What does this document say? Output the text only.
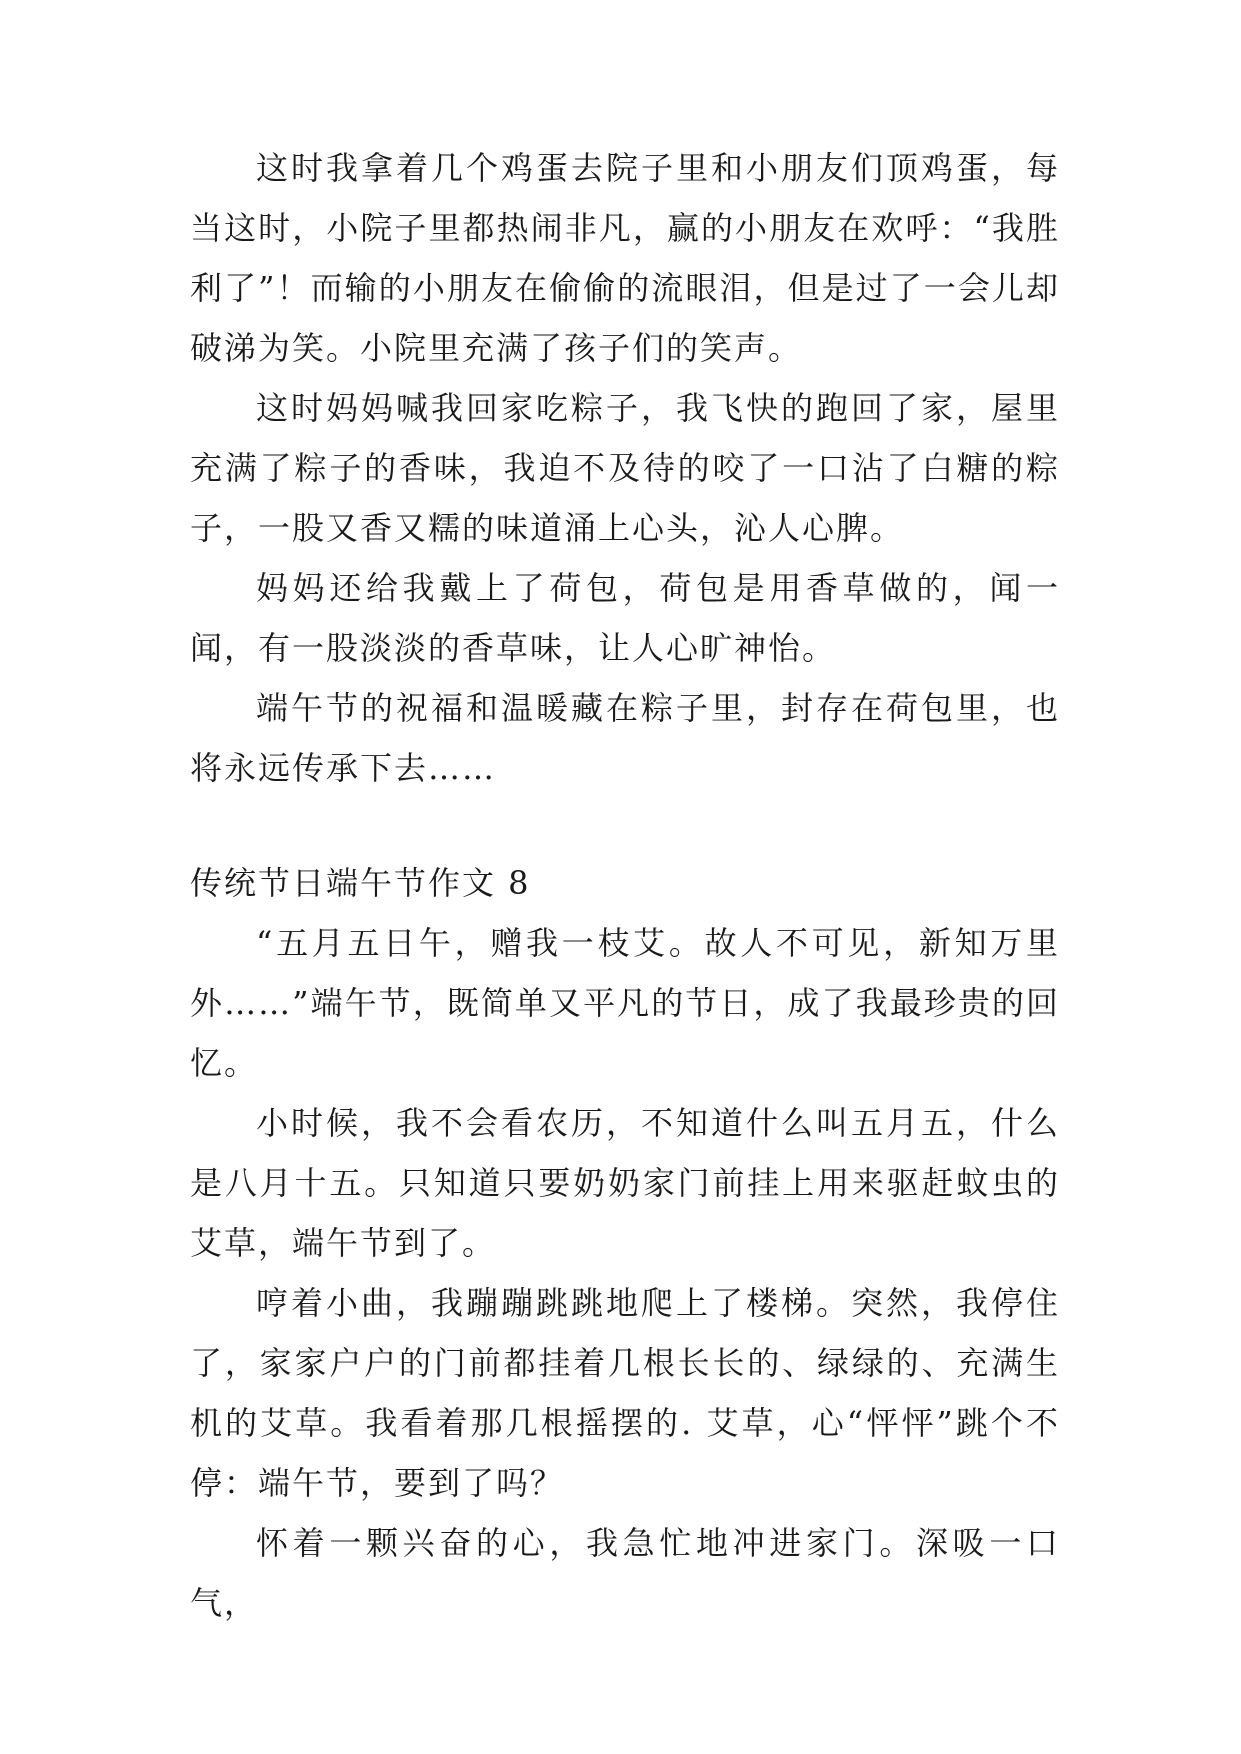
这时我拿着几个鸡蛋去院子里和小朋友们顶鸡蛋，每当这时，小院子里都热闹非凡，赢的小朋友在欢呼：“我胜利了”！而输的小朋友在偷偷的流眼泪，但是过了一会儿却破涕为笑。小院里充满了孩子们的笑声。

这时妈妈喊我回家吃粽子，我飞快的跑回了家，屋里充满了粽子的香味，我迫不及待的咬了一口沾了白糖的粽子，一股又香又糯的味道涌上心头，沁人心脾。

妈妈还给我戴上了荷包，荷包是用香草做的，闻一闻，有一股淡淡的香草味，让人心旷神怡。

端午节的祝福和温暖藏在粽子里，封存在荷包里，也将永远传承下去……

传统节日端午节作文 8

“五月五日午，赠我一枝艾。故人不可见，新知万里外……”端午节，既简单又平凡的节日，成了我最珍贵的回忆。

小时候，我不会看农历，不知道什么叫五月五，什么是八月十五。只知道只要奶奶家门前挂上用来驱赶蚊虫的艾草，端午节到了。

哼着小曲，我蹦蹦跳跳地爬上了楼梯。突然，我停住了，家家户户的门前都挂着几根长长的、绿绿的、充满生机的艾草。我看着那几根摇摆的. 艾草，心“怦怦”跳个不停：端午节，要到了吗？

怀着一颗兴奋的心，我急忙地冲进家门。深吸一口气，
